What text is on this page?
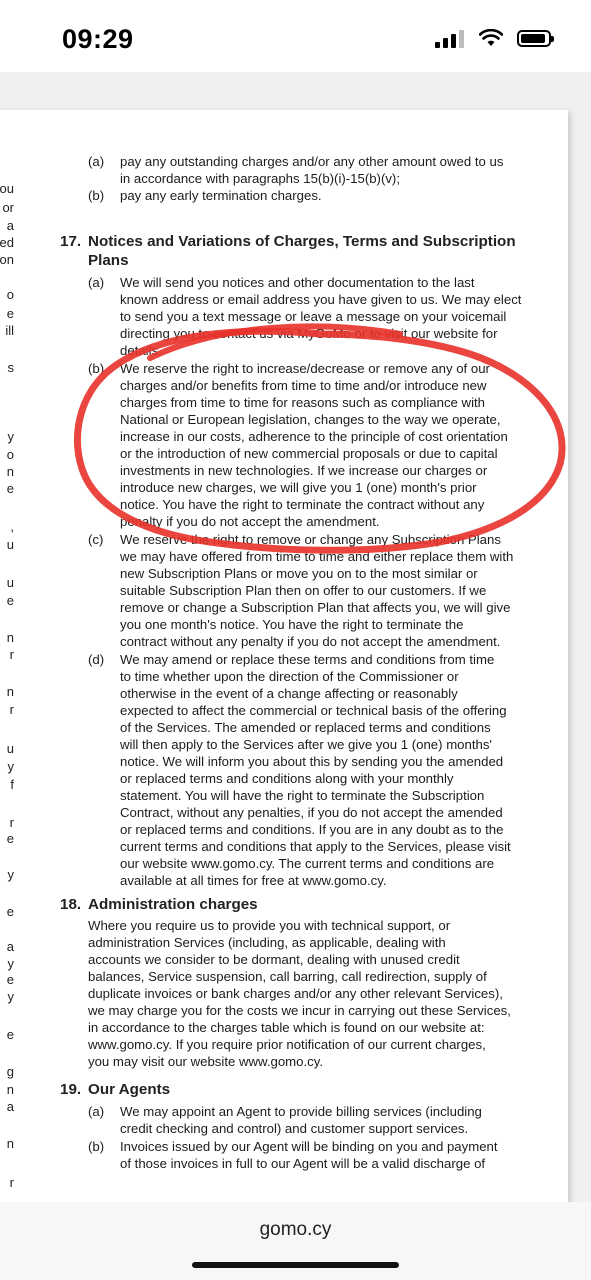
09:29
ou
or
a
ed
on
o
e
ill
s
y
o
n
e
,
u
u
e
n
r
n
r
u
y
f
r
e
y
e
a
y
e
y
e
g
n
a
n
r
(a)	pay any outstanding charges and/or any other amount owed to us
in accordance with paragraphs 15(b)(i)-15(b)(v);
(b)	pay any early termination charges.
17. Notices and Variations of Charges, Terms and Subscription
Plans
(a)	We will send you notices and other documentation to the last
known address or email address you have given to us. We may elect
to send you a text message or leave a message on your voicemail
directing you to contact us via MyGoMo or to visit our website for
details.
(b)	We reserve the right to increase/decrease or remove any of our
charges and/or benefits from time to time and/or introduce new
charges from time to time for reasons such as compliance with
National or European legislation, changes to the way we operate,
increase in our costs, adherence to the principle of cost orientation
or the introduction of new commercial proposals or due to capital
investments in new technologies. If we increase our charges or
introduce new charges, we will give you 1 (one) month's prior
notice. You have the right to terminate the contract without any
penalty if you do not accept the amendment.
(c)	We reserve the right to remove or change any Subscription Plans
we may have offered from time to time and either replace them with
new Subscription Plans or move you on to the most similar or
suitable Subscription Plan then on offer to our customers. If we
remove or change a Subscription Plan that affects you, we will give
you one month's notice. You have the right to terminate the
contract without any penalty if you do not accept the amendment.
(d)	We may amend or replace these terms and conditions from time
to time whether upon the direction of the Commissioner or
otherwise in the event of a change affecting or reasonably
expected to affect the commercial or technical basis of the offering
of the Services. The amended or replaced terms and conditions
will then apply to the Services after we give you 1 (one) months'
notice. We will inform you about this by sending you the amended
or replaced terms and conditions along with your monthly
statement. You will have the right to terminate the Subscription
Contract, without any penalties, if you do not accept the amended
or replaced terms and conditions. If you are in any doubt as to the
current terms and conditions that apply to the Services, please visit
our website www.gomo.cy. The current terms and conditions are
available at all times for free at www.gomo.cy.
18. Administration charges
Where you require us to provide you with technical support, or
administration Services (including, as applicable, dealing with
accounts we consider to be dormant, dealing with unused credit
balances, Service suspension, call barring, call redirection, supply of
duplicate invoices or bank charges and/or any other relevant Services),
we may charge you for the costs we incur in carrying out these Services,
in accordance to the charges table which is found on our website at:
www.gomo.cy. If you require prior notification of our current charges,
you may visit our website www.gomo.cy.
19. Our Agents
(a)	We may appoint an Agent to provide billing services (including
credit checking and control) and customer support services.
(b)	Invoices issued by our Agent will be binding on you and payment
of those invoices in full to our Agent will be a valid discharge of
gomo.cy
